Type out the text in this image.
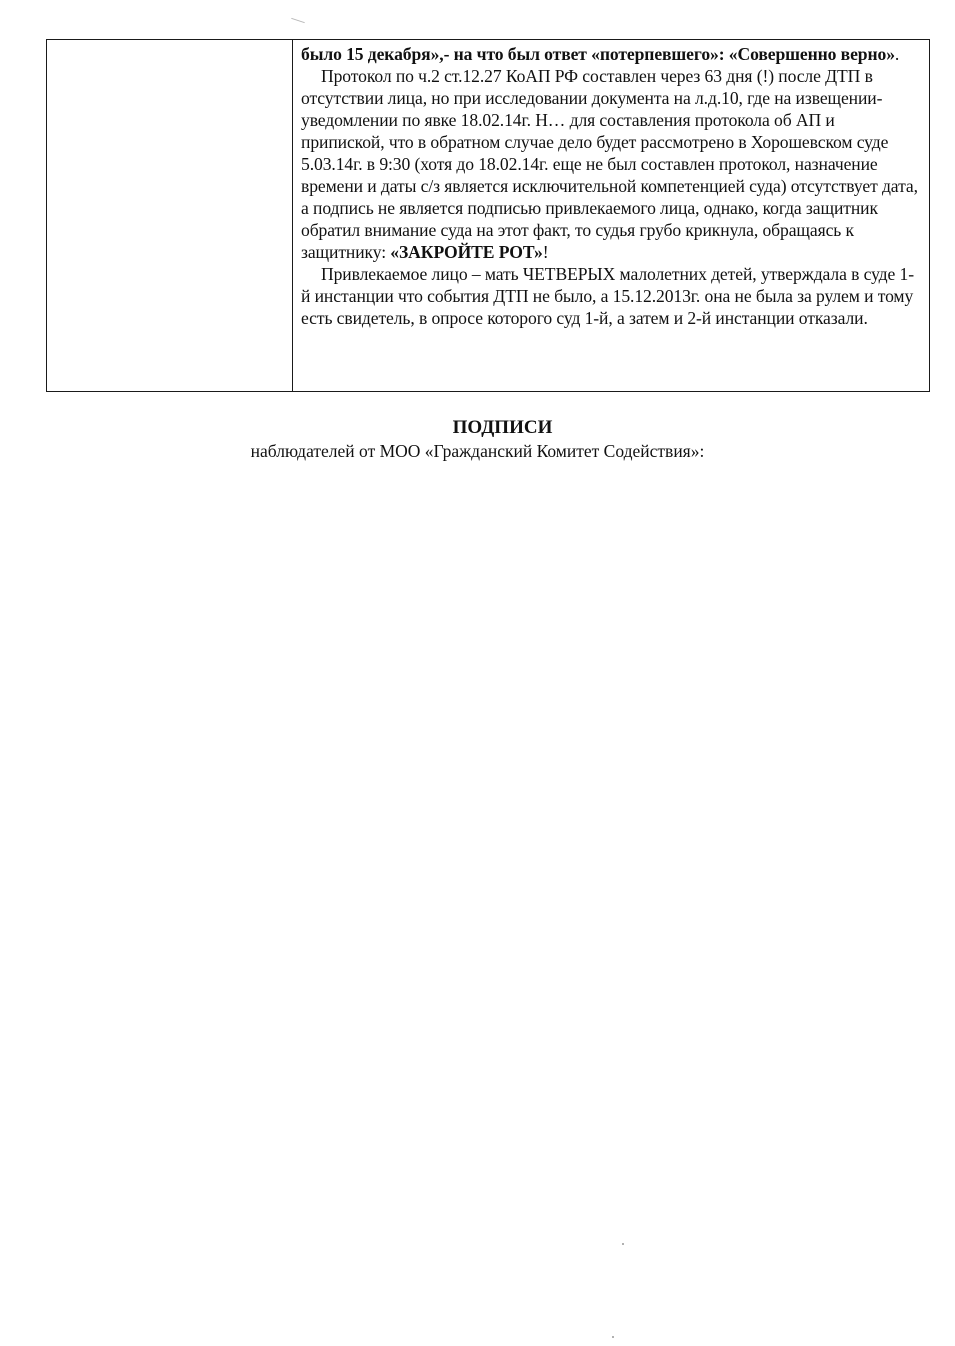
было 15 декабря»,- на что был ответ «потерпевшего»: «Совершенно верно».

Протокол по ч.2 ст.12.27 КоАП РФ составлен через 63 дня (!) после ДТП в отсутствии лица, но при исследовании документа на л.д.10, где на извещении-уведомлении по явке 18.02.14г. Н… для составления протокола об АП и припиской, что в обратном случае дело будет рассмотрено в Хорошевском суде 5.03.14г. в 9:30 (хотя до 18.02.14г. еще не был составлен протокол, назначение времени и даты с/з является исключительной компетенцией суда) отсутствует дата, а подпись не является подписью привлекаемого лица, однако, когда защитник обратил внимание суда на этот факт, то судья грубо крикнула, обращаясь к защитнику: «ЗАКРОЙТЕ РОТ»!

Привлекаемое лицо – мать ЧЕТВЕРЫХ малолетних детей, утверждала в суде 1-й инстанции что события ДТП не было, а 15.12.2013г. она не была за рулем и тому есть свидетель, в опросе которого суд 1-й, а затем и 2-й инстанции отказали.

ПОДПИСИ
наблюдателей от МОО «Гражданский Комитет Содействия»:
